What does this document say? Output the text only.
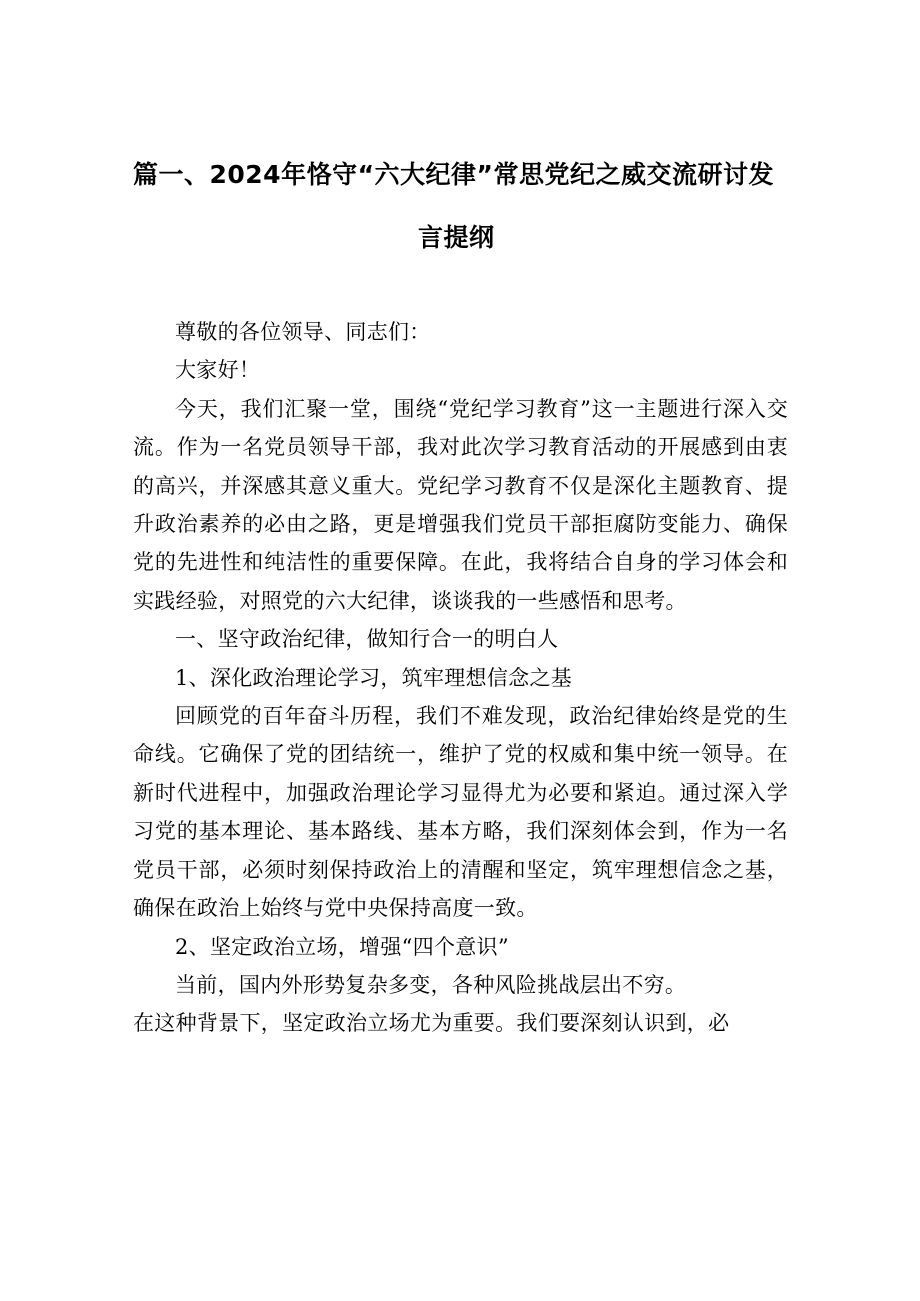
篇一、2024年恪守“六大纪律”常思党纪之威交流研讨发
言提纲

尊敬的各位领导、同志们：

大家好！

今天，我们汇聚一堂，围绕“党纪学习教育”这一主题进行深入交流。作为一名党员领导干部，我对此次学习教育活动的开展感到由衷的高兴，并深感其意义重大。党纪学习教育不仅是深化主题教育、提升政治素养的必由之路，更是增强我们党员干部拒腐防变能力、确保党的先进性和纯洁性的重要保障。在此，我将结合自身的学习体会和实践经验，对照党的六大纪律，谈谈我的一些感悟和思考。

一、坚守政治纪律，做知行合一的明白人

1、深化政治理论学习，筑牢理想信念之基

回顾党的百年奋斗历程，我们不难发现，政治纪律始终是党的生命线。它确保了党的团结统一，维护了党的权威和集中统一领导。在新时代进程中，加强政治理论学习显得尤为必要和紧迫。通过深入学习党的基本理论、基本路线、基本方略，我们深刻体会到，作为一名党员干部，必须时刻保持政治上的清醒和坚定，筑牢理想信念之基，确保在政治上始终与党中央保持高度一致。

2、坚定政治立场，增强“四个意识”

当前，国内外形势复杂多变，各种风险挑战层出不穷。

在这种背景下，坚定政治立场尤为重要。我们要深刻认识到，必
